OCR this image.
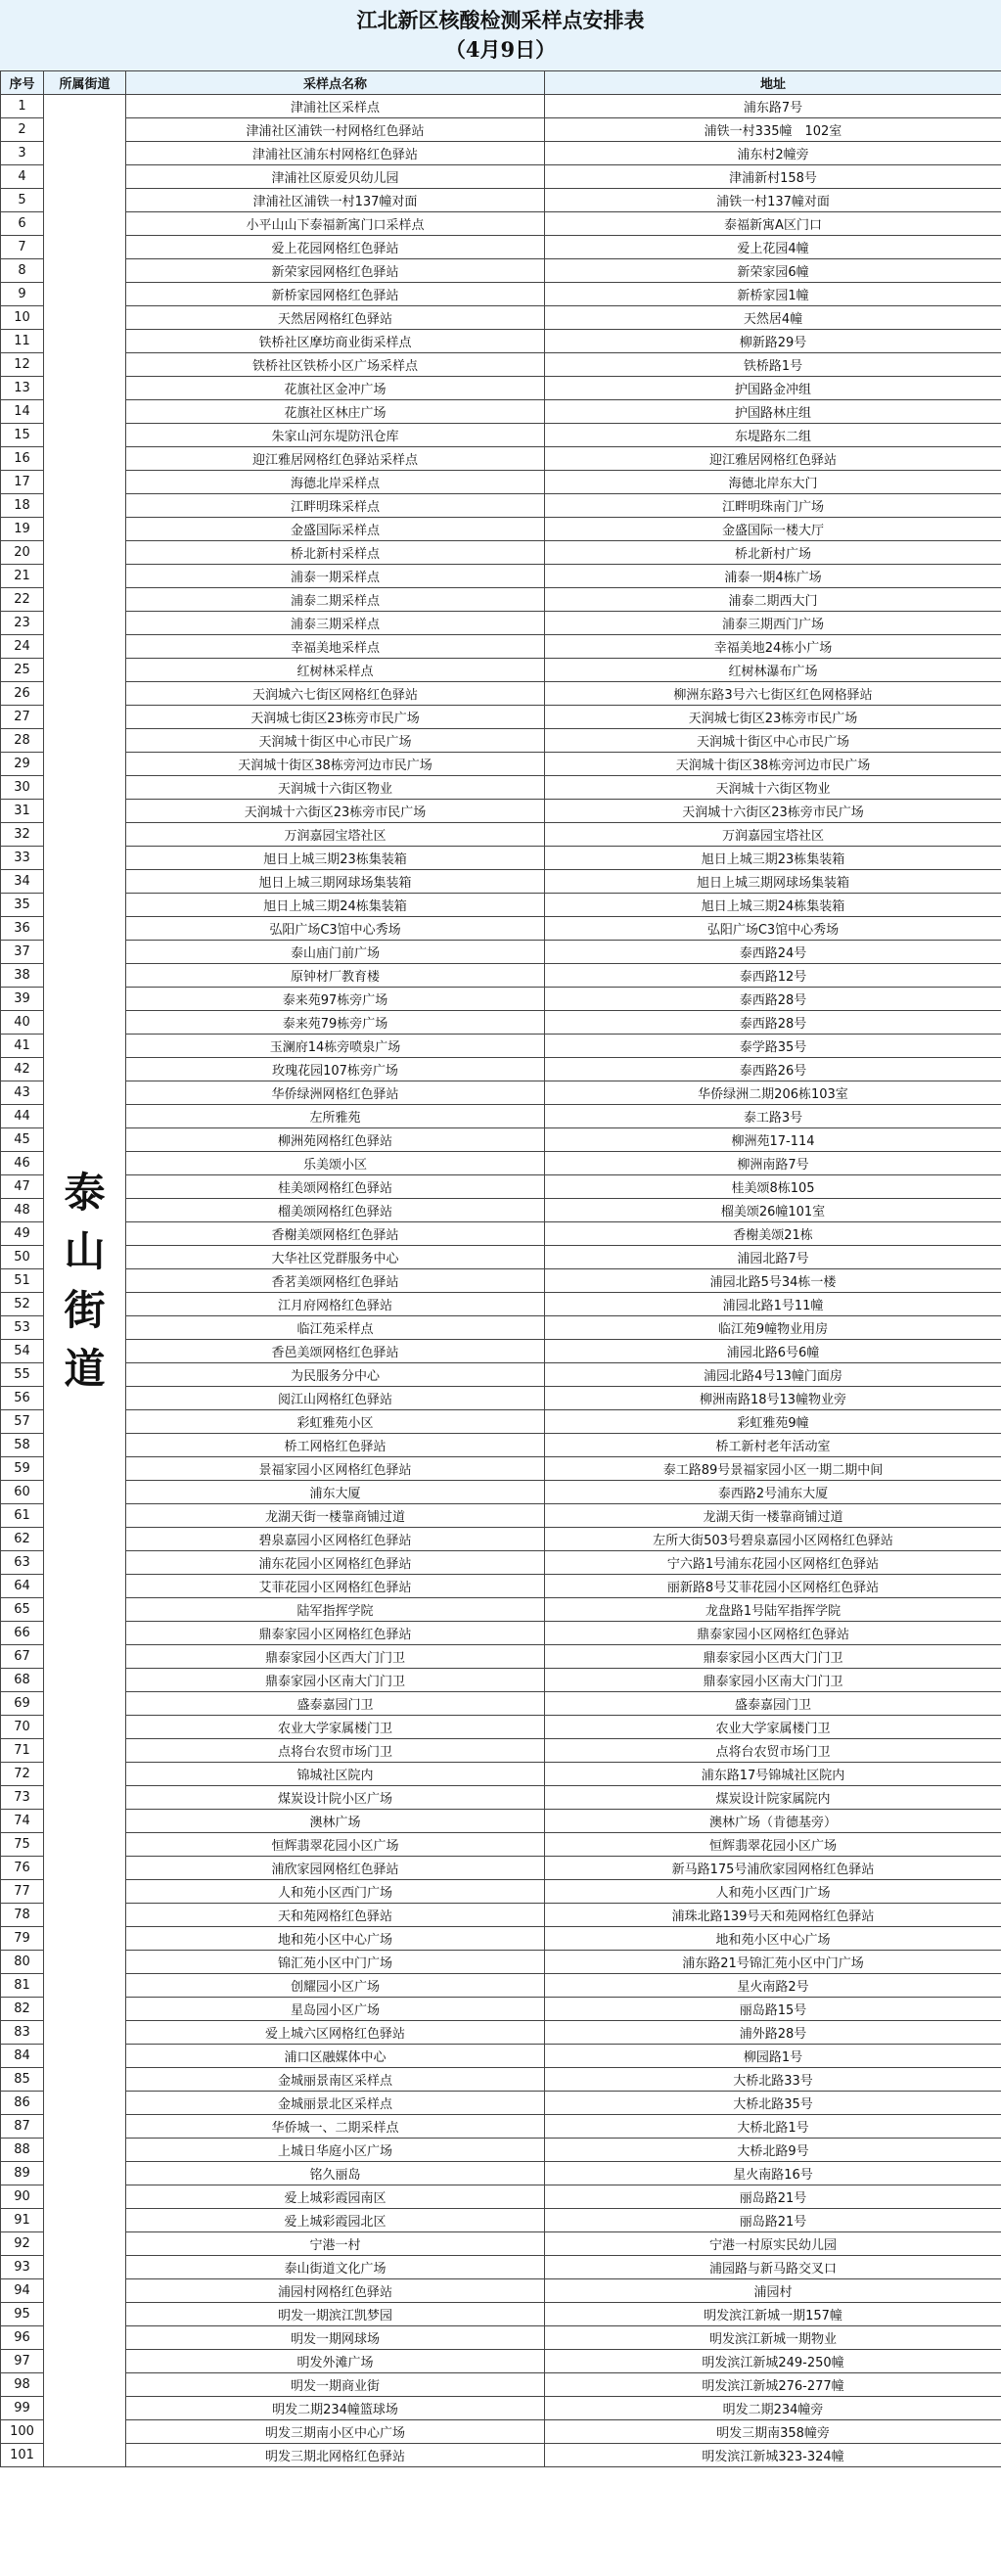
江北新区核酸检测采样点安排表
（4月9日）
序号	所属街道	采样点名称	地址
1	泰山街道	津浦社区采样点	浦东路7号
2		津浦社区浦铁一村网格红色驿站	浦铁一村335幢　102室
3		津浦社区浦东村网格红色驿站	浦东村2幢旁
4		津浦社区原爱贝幼儿园	津浦新村158号
5		津浦社区浦铁一村137幢对面	浦铁一村137幢对面
6		小平山山下泰福新寓门口采样点	泰福新寓A区门口
7		爱上花园网格红色驿站	爱上花园4幢
8		新荣家园网格红色驿站	新荣家园6幢
9		新桥家园网格红色驿站	新桥家园1幢
10		天然居网格红色驿站	天然居4幢
11		铁桥社区摩坊商业街采样点	柳新路29号
12		铁桥社区铁桥小区广场采样点	铁桥路1号
13		花旗社区金冲广场	护国路金冲组
14		花旗社区林庄广场	护国路林庄组
15		朱家山河东堤防汛仓库	东堤路东二组
16		迎江雅居网格红色驿站采样点	迎江雅居网格红色驿站
17		海德北岸采样点	海德北岸东大门
18		江畔明珠采样点	江畔明珠南门广场
19		金盛国际采样点	金盛国际一楼大厅
20		桥北新村采样点	桥北新村广场
21		浦泰一期采样点	浦泰一期4栋广场
22		浦泰二期采样点	浦泰二期西大门
23		浦泰三期采样点	浦泰三期西门广场
24		幸福美地采样点	幸福美地24栋小广场
25		红树林采样点	红树林瀑布广场
26		天润城六七街区网格红色驿站	柳洲东路3号六七街区红色网格驿站
27		天润城七街区23栋旁市民广场	天润城七街区23栋旁市民广场
28		天润城十街区中心市民广场	天润城十街区中心市民广场
29		天润城十街区38栋旁河边市民广场	天润城十街区38栋旁河边市民广场
30		天润城十六街区物业	天润城十六街区物业
31		天润城十六街区23栋旁市民广场	天润城十六街区23栋旁市民广场
32		万润嘉园宝塔社区	万润嘉园宝塔社区
33		旭日上城三期23栋集装箱	旭日上城三期23栋集装箱
34		旭日上城三期网球场集装箱	旭日上城三期网球场集装箱
35		旭日上城三期24栋集装箱	旭日上城三期24栋集装箱
36		弘阳广场C3馆中心秀场	弘阳广场C3馆中心秀场
37		泰山庙门前广场	泰西路24号
38		原钟材厂教育楼	泰西路12号
39		泰来苑97栋旁广场	泰西路28号
40		泰来苑79栋旁广场	泰西路28号
41		玉澜府14栋旁喷泉广场	泰学路35号
42		玫瑰花园107栋旁广场	泰西路26号
43		华侨绿洲网格红色驿站	华侨绿洲二期206栋103室
44		左所雅苑	泰工路3号
45		柳洲苑网格红色驿站	柳洲苑17-114
46		乐美颂小区	柳洲南路7号
47		桂美颂网格红色驿站	桂美颂8栋105
48		榴美颂网格红色驿站	榴美颂26幢101室
49		香榭美颂网格红色驿站	香榭美颂21栋
50		大华社区党群服务中心	浦园北路7号
51		香茗美颂网格红色驿站	浦园北路5号34栋一楼
52		江月府网格红色驿站	浦园北路1号11幢
53		临江苑采样点	临江苑9幢物业用房
54		香邑美颂网格红色驿站	浦园北路6号6幢
55		为民服务分中心	浦园北路4号13幢门面房
56		阅江山网格红色驿站	柳洲南路18号13幢物业旁
57		彩虹雅苑小区	彩虹雅苑9幢
58		桥工网格红色驿站	桥工新村老年活动室
59		景福家园小区网格红色驿站	泰工路89号景福家园小区一期二期中间
60		浦东大厦	泰西路2号浦东大厦
61		龙湖天街一楼靠商铺过道	龙湖天街一楼靠商铺过道
62		碧泉嘉园小区网格红色驿站	左所大街503号碧泉嘉园小区网格红色驿站
63		浦东花园小区网格红色驿站	宁六路1号浦东花园小区网格红色驿站
64		艾菲花园小区网格红色驿站	丽新路8号艾菲花园小区网格红色驿站
65		陆军指挥学院	龙盘路1号陆军指挥学院
66		鼎泰家园小区网格红色驿站	鼎泰家园小区网格红色驿站
67		鼎泰家园小区西大门门卫	鼎泰家园小区西大门门卫
68		鼎泰家园小区南大门门卫	鼎泰家园小区南大门门卫
69		盛泰嘉园门卫	盛泰嘉园门卫
70		农业大学家属楼门卫	农业大学家属楼门卫
71		点将台农贸市场门卫	点将台农贸市场门卫
72		锦城社区院内	浦东路17号锦城社区院内
73		煤炭设计院小区广场	煤炭设计院家属院内
74		澳林广场	澳林广场（肯德基旁）
75		恒辉翡翠花园小区广场	恒辉翡翠花园小区广场
76		浦欣家园网格红色驿站	新马路175号浦欣家园网格红色驿站
77		人和苑小区西门广场	人和苑小区西门广场
78		天和苑网格红色驿站	浦珠北路139号天和苑网格红色驿站
79		地和苑小区中心广场	地和苑小区中心广场
80		锦汇苑小区中门广场	浦东路21号锦汇苑小区中门广场
81		创耀园小区广场	星火南路2号
82		星岛园小区广场	丽岛路15号
83		爱上城六区网格红色驿站	浦外路28号
84		浦口区融媒体中心	柳园路1号
85		金城丽景南区采样点	大桥北路33号
86		金城丽景北区采样点	大桥北路35号
87		华侨城一、二期采样点	大桥北路1号
88		上城日华庭小区广场	大桥北路9号
89		铭久丽岛	星火南路16号
90		爱上城彩霞园南区	丽岛路21号
91		爱上城彩霞园北区	丽岛路21号
92		宁港一村	宁港一村原实民幼儿园
93		泰山街道文化广场	浦园路与新马路交叉口
94		浦园村网格红色驿站	浦园村
95		明发一期滨江凯梦园	明发滨江新城一期157幢
96		明发一期网球场	明发滨江新城一期物业
97		明发外滩广场	明发滨江新城249-250幢
98		明发一期商业街	明发滨江新城276-277幢
99		明发二期234幢篮球场	明发二期234幢旁
100		明发三期南小区中心广场	明发三期南358幢旁
101		明发三期北网格红色驿站	明发滨江新城323-324幢
